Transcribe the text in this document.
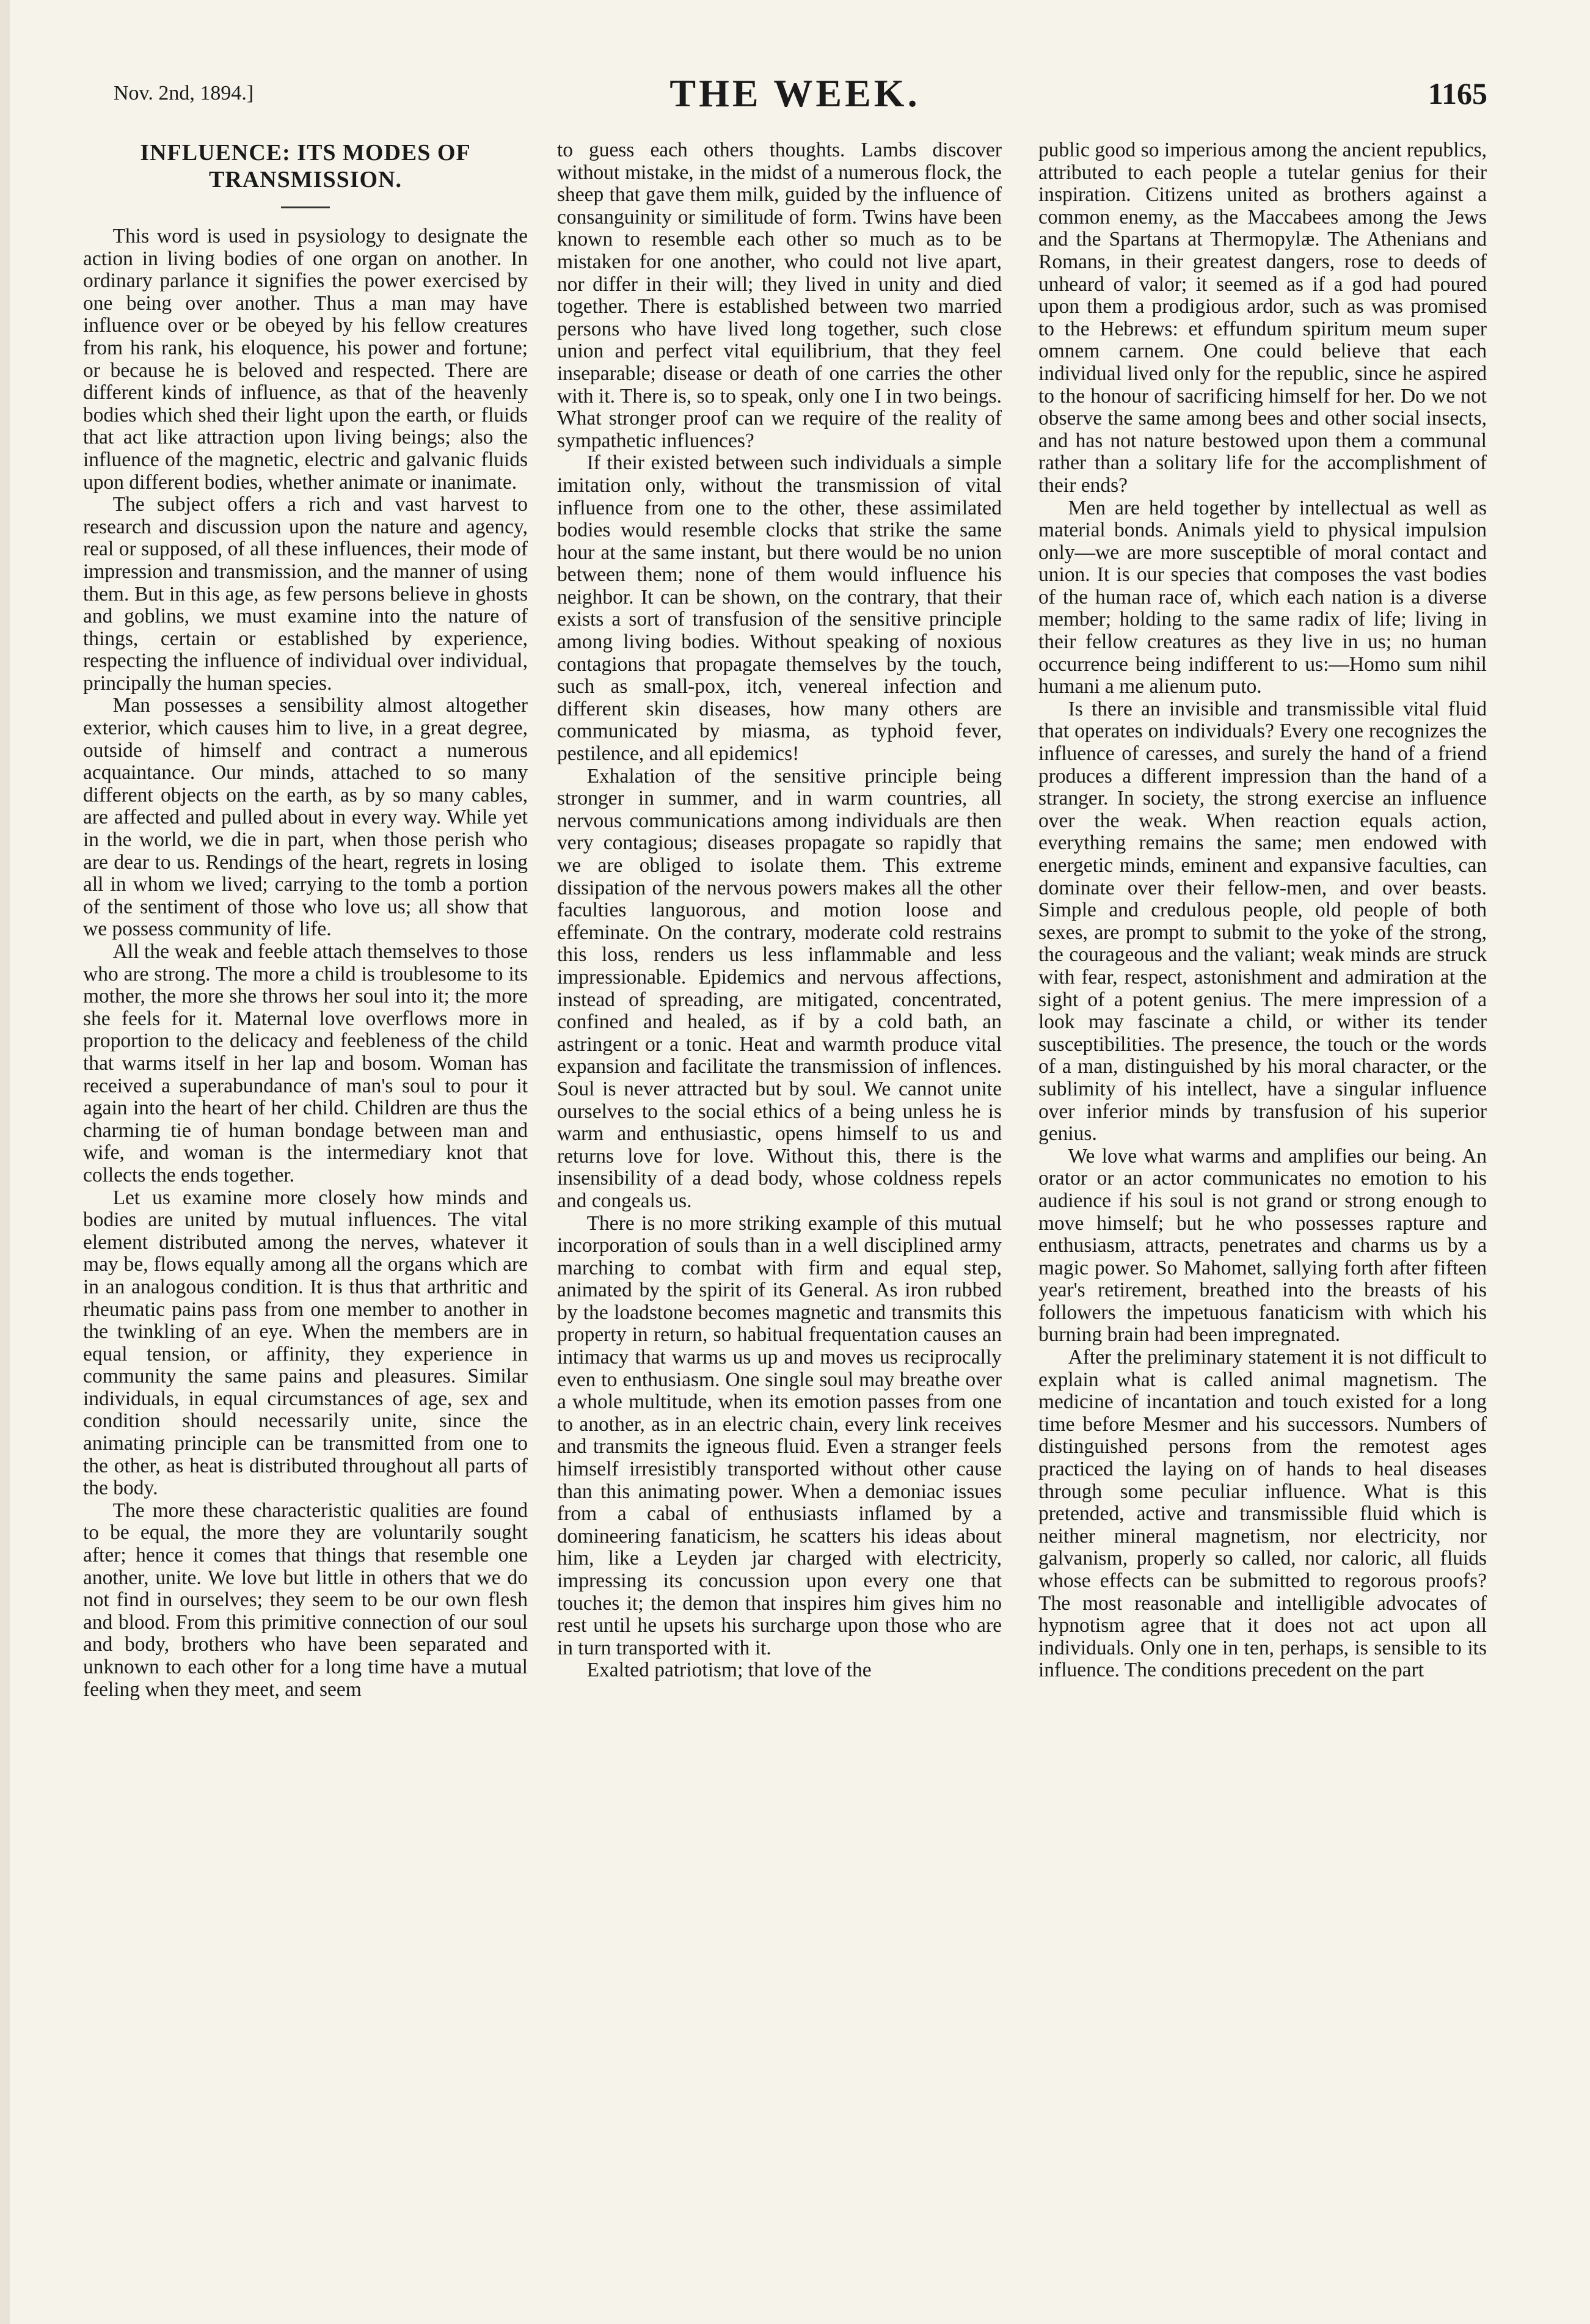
Nov. 2nd, 1894.]	THE WEEK.	1165
INFLUENCE: ITS MODES OF TRANSMISSION.

This word is used in psysiology to designate the action in living bodies of one organ on another. In ordinary parlance it signifies the power exercised by one being over another. Thus a man may have influence over or be obeyed by his fellow creatures from his rank, his eloquence, his power and fortune; or because he is beloved and respected. There are different kinds of influence, as that of the heavenly bodies which shed their light upon the earth, or fluids that act like attraction upon living beings; also the influence of the magnetic, electric and galvanic fluids upon different bodies, whether animate or inanimate.

The subject offers a rich and vast harvest to research and discussion upon the nature and agency, real or supposed, of all these influences, their mode of impression and transmission, and the manner of using them. But in this age, as few persons believe in ghosts and goblins, we must examine into the nature of things, certain or established by experience, respecting the influence of individual over individual, principally the human species.

Man possesses a sensibility almost altogether exterior, which causes him to live, in a great degree, outside of himself and contract a numerous acquaintance. Our minds, attached to so many different objects on the earth, as by so many cables, are affected and pulled about in every way. While yet in the world, we die in part, when those perish who are dear to us. Rendings of the heart, regrets in losing all in whom we lived; carrying to the tomb a portion of the sentiment of those who love us; all show that we possess community of life.

All the weak and feeble attach themselves to those who are strong. The more a child is troublesome to its mother, the more she throws her soul into it; the more she feels for it. Maternal love overflows more in proportion to the delicacy and feebleness of the child that warms itself in her lap and bosom. Woman has received a superabundance of man's soul to pour it again into the heart of her child. Children are thus the charming tie of human bondage between man and wife, and woman is the intermediary knot that collects the ends together.

Let us examine more closely how minds and bodies are united by mutual influences. The vital element distributed among the nerves, whatever it may be, flows equally among all the organs which are in an analogous condition. It is thus that arthritic and rheumatic pains pass from one member to another in the twinkling of an eye. When the members are in equal tension, or affinity, they experience in community the same pains and pleasures. Similar individuals, in equal circumstances of age, sex and condition should necessarily unite, since the animating principle can be transmitted from one to the other, as heat is distributed throughout all parts of the body.

The more these characteristic qualities are found to be equal, the more they are voluntarily sought after; hence it comes that things that resemble one another, unite. We love but little in others that we do not find in ourselves; they seem to be our own flesh and blood. From this primitive connection of our soul and body, brothers who have been separated and unknown to each other for a long time have a mutual feeling when they meet, and seem

to guess each others thoughts. Lambs discover without mistake, in the midst of a numerous flock, the sheep that gave them milk, guided by the influence of consanguinity or similitude of form. Twins have been known to resemble each other so much as to be mistaken for one another, who could not live apart, nor differ in their will; they lived in unity and died together. There is established between two married persons who have lived long together, such close union and perfect vital equilibrium, that they feel inseparable; disease or death of one carries the other with it. There is, so to speak, only one I in two beings. What stronger proof can we require of the reality of sympathetic influences?

If their existed between such individuals a simple imitation only, without the transmission of vital influence from one to the other, these assimilated bodies would resemble clocks that strike the same hour at the same instant, but there would be no union between them; none of them would influence his neighbor. It can be shown, on the contrary, that their exists a sort of transfusion of the sensitive principle among living bodies. Without speaking of noxious contagions that propagate themselves by the touch, such as small-pox, itch, venereal infection and different skin diseases, how many others are communicated by miasma, as typhoid fever, pestilence, and all epidemics!

Exhalation of the sensitive principle being stronger in summer, and in warm countries, all nervous communications among individuals are then very contagious; diseases propagate so rapidly that we are obliged to isolate them. This extreme dissipation of the nervous powers makes all the other faculties languorous, and motion loose and effeminate. On the contrary, moderate cold restrains this loss, renders us less inflammable and less impressionable. Epidemics and nervous affections, instead of spreading, are mitigated, concentrated, confined and healed, as if by a cold bath, an astringent or a tonic. Heat and warmth produce vital expansion and facilitate the transmission of inflences. Soul is never attracted but by soul. We cannot unite ourselves to the social ethics of a being unless he is warm and enthusiastic, opens himself to us and returns love for love. Without this, there is the insensibility of a dead body, whose coldness repels and congeals us.

There is no more striking example of this mutual incorporation of souls than in a well disciplined army marching to combat with firm and equal step, animated by the spirit of its General. As iron rubbed by the loadstone becomes magnetic and transmits this property in return, so habitual frequentation causes an intimacy that warms us up and moves us reciprocally even to enthusiasm. One single soul may breathe over a whole multitude, when its emotion passes from one to another, as in an electric chain, every link receives and transmits the igneous fluid. Even a stranger feels himself irresistibly transported without other cause than this animating power. When a demoniac issues from a cabal of enthusiasts inflamed by a domineering fanaticism, he scatters his ideas about him, like a Leyden jar charged with electricity, impressing its concussion upon every one that touches it; the demon that inspires him gives him no rest until he upsets his surcharge upon those who are in turn transported with it.

Exalted patriotism; that love of the

public good so imperious among the ancient republics, attributed to each people a tutelar genius for their inspiration. Citizens united as brothers against a common enemy, as the Maccabees among the Jews and the Spartans at Thermopylæ. The Athenians and Romans, in their greatest dangers, rose to deeds of unheard of valor; it seemed as if a god had poured upon them a prodigious ardor, such as was promised to the Hebrews: et effundum spiritum meum super omnem carnem. One could believe that each individual lived only for the republic, since he aspired to the honour of sacrificing himself for her. Do we not observe the same among bees and other social insects, and has not nature bestowed upon them a communal rather than a solitary life for the accomplishment of their ends?

Men are held together by intellectual as well as material bonds. Animals yield to physical impulsion only—we are more susceptible of moral contact and union. It is our species that composes the vast bodies of the human race of, which each nation is a diverse member; holding to the same radix of life; living in their fellow creatures as they live in us; no human occurrence being indifferent to us:—Homo sum nihil humani a me alienum puto.

Is there an invisible and transmissible vital fluid that operates on individuals? Every one recognizes the influence of caresses, and surely the hand of a friend produces a different impression than the hand of a stranger. In society, the strong exercise an influence over the weak. When reaction equals action, everything remains the same; men endowed with energetic minds, eminent and expansive faculties, can dominate over their fellow-men, and over beasts. Simple and credulous people, old people of both sexes, are prompt to submit to the yoke of the strong, the courageous and the valiant; weak minds are struck with fear, respect, astonishment and admiration at the sight of a potent genius. The mere impression of a look may fascinate a child, or wither its tender susceptibilities. The presence, the touch or the words of a man, distinguished by his moral character, or the sublimity of his intellect, have a singular influence over inferior minds by transfusion of his superior genius.

We love what warms and amplifies our being. An orator or an actor communicates no emotion to his audience if his soul is not grand or strong enough to move himself; but he who possesses rapture and enthusiasm, attracts, penetrates and charms us by a magic power. So Mahomet, sallying forth after fifteen year's retirement, breathed into the breasts of his followers the impetuous fanaticism with which his burning brain had been impregnated.

After the preliminary statement it is not difficult to explain what is called animal magnetism. The medicine of incantation and touch existed for a long time before Mesmer and his successors. Numbers of distinguished persons from the remotest ages practiced the laying on of hands to heal diseases through some peculiar influence. What is this pretended, active and transmissible fluid which is neither mineral magnetism, nor electricity, nor galvanism, properly so called, nor caloric, all fluids whose effects can be submitted to regorous proofs? The most reasonable and intelligible advocates of hypnotism agree that it does not act upon all individuals. Only one in ten, perhaps, is sensible to its influence. The conditions precedent on the part
